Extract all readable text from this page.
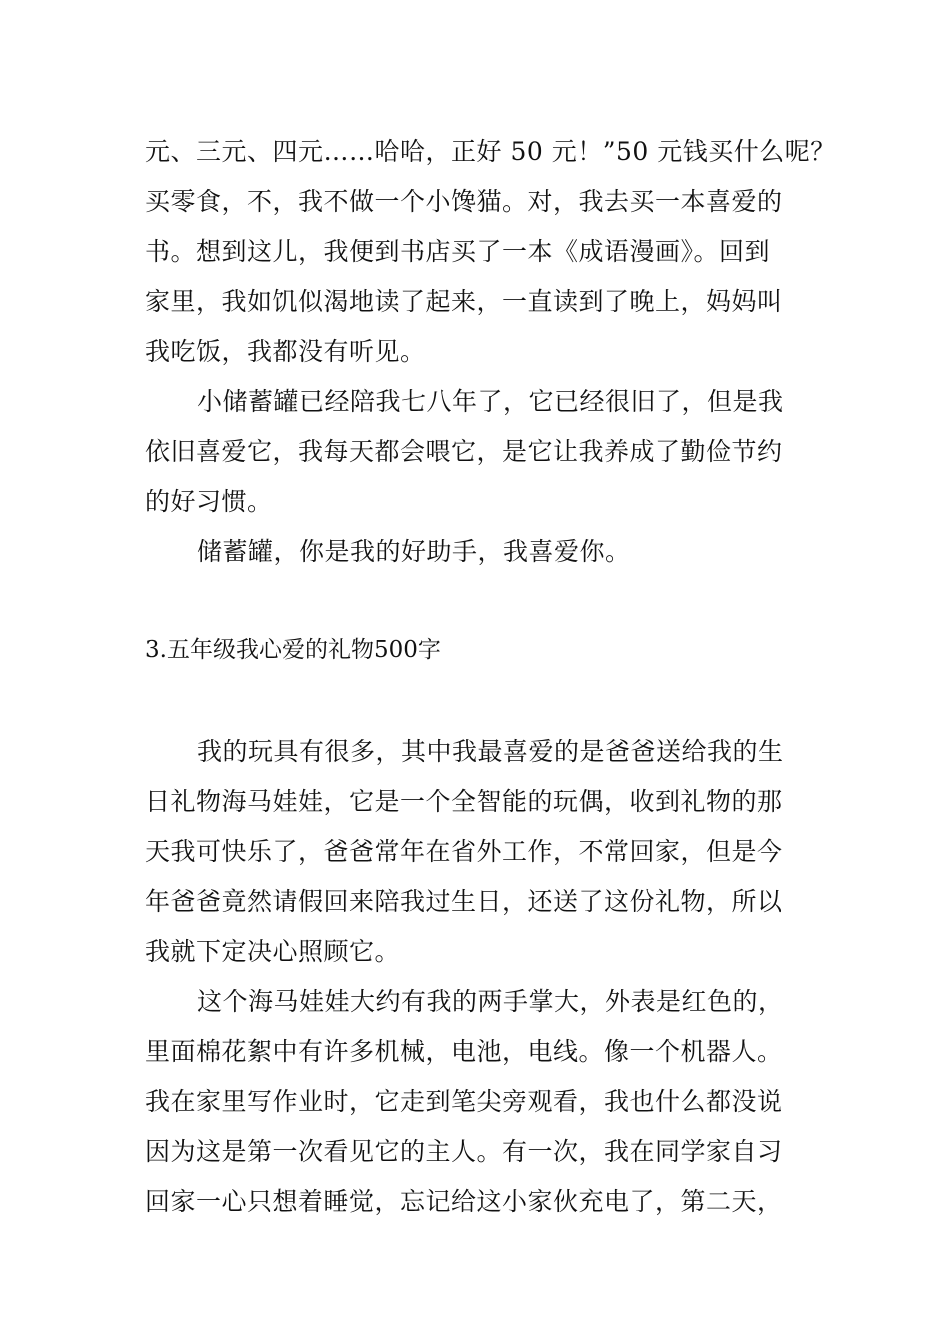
元、三元、四元……哈哈，正好 50 元！”50 元钱买什么呢？
买零食，不，我不做一个小馋猫。对，我去买一本喜爱的
书。想到这儿，我便到书店买了一本《成语漫画》。回到
家里，我如饥似渴地读了起来，一直读到了晚上，妈妈叫
我吃饭，我都没有听见。
小储蓄罐已经陪我七八年了，它已经很旧了，但是我
依旧喜爱它，我每天都会喂它，是它让我养成了勤俭节约
的好习惯。
储蓄罐，你是我的好助手，我喜爱你。
3.五年级我心爱的礼物500字
我的玩具有很多，其中我最喜爱的是爸爸送给我的生
日礼物海马娃娃，它是一个全智能的玩偶，收到礼物的那
天我可快乐了，爸爸常年在省外工作，不常回家，但是今
年爸爸竟然请假回来陪我过生日，还送了这份礼物，所以
我就下定决心照顾它。
这个海马娃娃大约有我的两手掌大，外表是红色的，
里面棉花絮中有许多机械，电池，电线。像一个机器人。
我在家里写作业时，它走到笔尖旁观看，我也什么都没说
因为这是第一次看见它的主人。有一次，我在同学家自习
回家一心只想着睡觉，忘记给这小家伙充电了，第二天，
